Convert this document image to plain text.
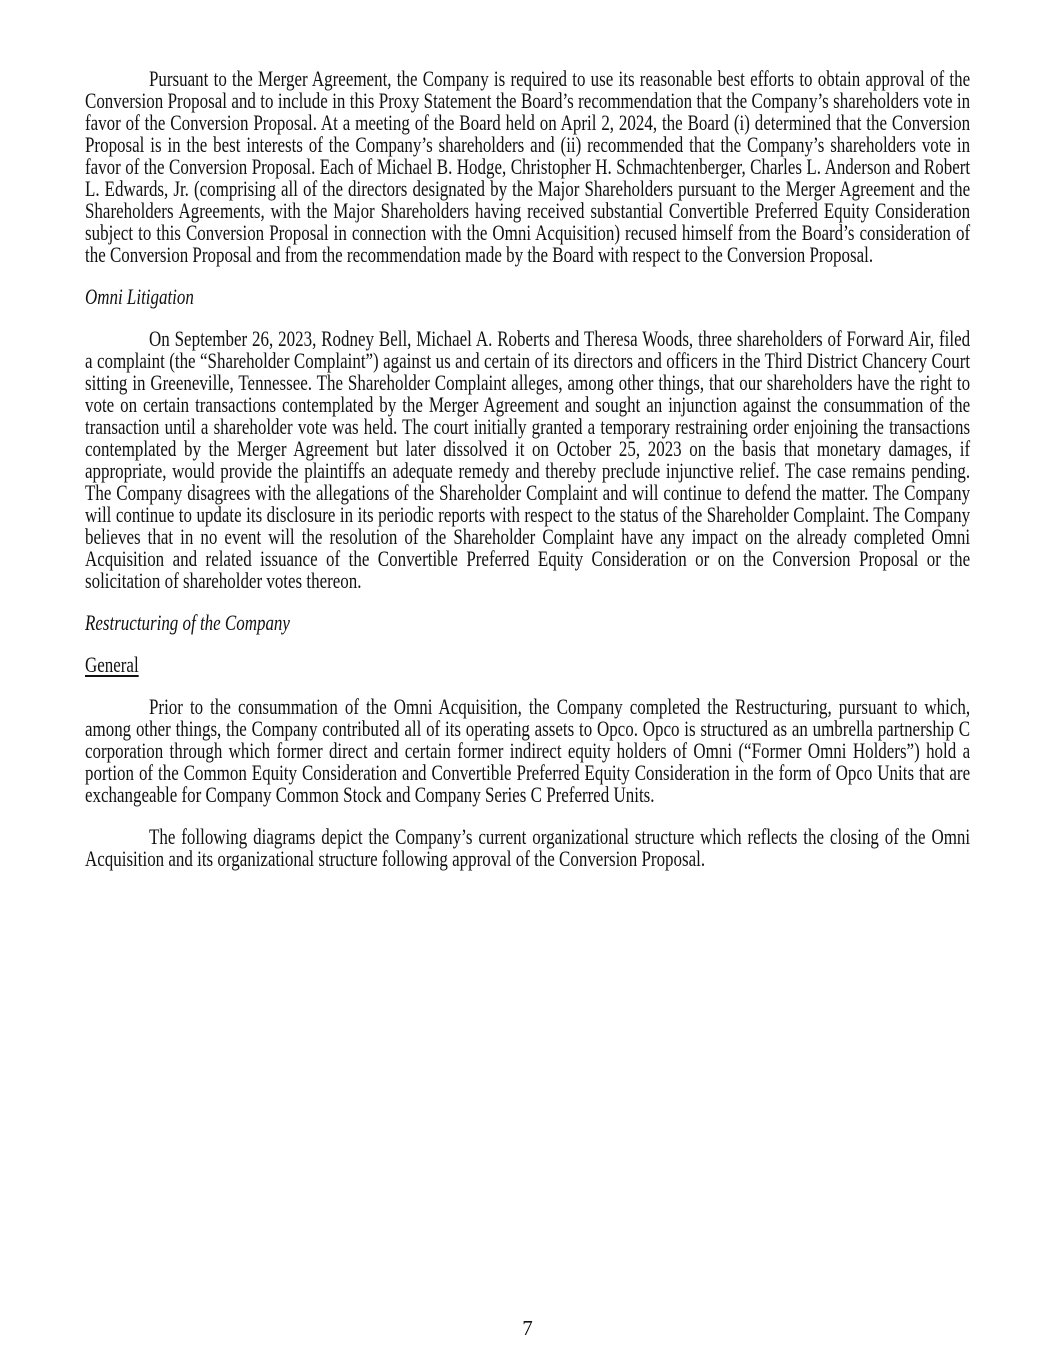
Pursuant to the Merger Agreement, the Company is required to use its reasonable best efforts to obtain approval of the Conversion Proposal and to include in this Proxy Statement the Board’s recommendation that the Company’s shareholders vote in favor of the Conversion Proposal. At a meeting of the Board held on April 2, 2024, the Board (i) determined that the Conversion Proposal is in the best interests of the Company’s shareholders and (ii) recommended that the Company’s shareholders vote in favor of the Conversion Proposal. Each of Michael B. Hodge, Christopher H. Schmachtenberger, Charles L. Anderson and Robert L. Edwards, Jr. (comprising all of the directors designated by the Major Shareholders pursuant to the Merger Agreement and the Shareholders Agreements, with the Major Shareholders having received substantial Convertible Preferred Equity Consideration subject to this Conversion Proposal in connection with the Omni Acquisition) recused himself from the Board’s consideration of the Conversion Proposal and from the recommendation made by the Board with respect to the Conversion Proposal.

Omni Litigation

On September 26, 2023, Rodney Bell, Michael A. Roberts and Theresa Woods, three shareholders of Forward Air, filed a complaint (the “Shareholder Complaint”) against us and certain of its directors and officers in the Third District Chancery Court sitting in Greeneville, Tennessee. The Shareholder Complaint alleges, among other things, that our shareholders have the right to vote on certain transactions contemplated by the Merger Agreement and sought an injunction against the consummation of the transaction until a shareholder vote was held. The court initially granted a temporary restraining order enjoining the transactions contemplated by the Merger Agreement but later dissolved it on October 25, 2023 on the basis that monetary damages, if appropriate, would provide the plaintiffs an adequate remedy and thereby preclude injunctive relief. The case remains pending. The Company disagrees with the allegations of the Shareholder Complaint and will continue to defend the matter. The Company will continue to update its disclosure in its periodic reports with respect to the status of the Shareholder Complaint. The Company believes that in no event will the resolution of the Shareholder Complaint have any impact on the already completed Omni Acquisition and related issuance of the Convertible Preferred Equity Consideration or on the Conversion Proposal or the solicitation of shareholder votes thereon.

Restructuring of the Company
General

Prior to the consummation of the Omni Acquisition, the Company completed the Restructuring, pursuant to which, among other things, the Company contributed all of its operating assets to Opco. Opco is structured as an umbrella partnership C corporation through which former direct and certain former indirect equity holders of Omni (“Former Omni Holders”) hold a portion of the Common Equity Consideration and Convertible Preferred Equity Consideration in the form of Opco Units that are exchangeable for Company Common Stock and Company Series C Preferred Units.

The following diagrams depict the Company’s current organizational structure which reflects the closing of the Omni Acquisition and its organizational structure following approval of the Conversion Proposal.

7
